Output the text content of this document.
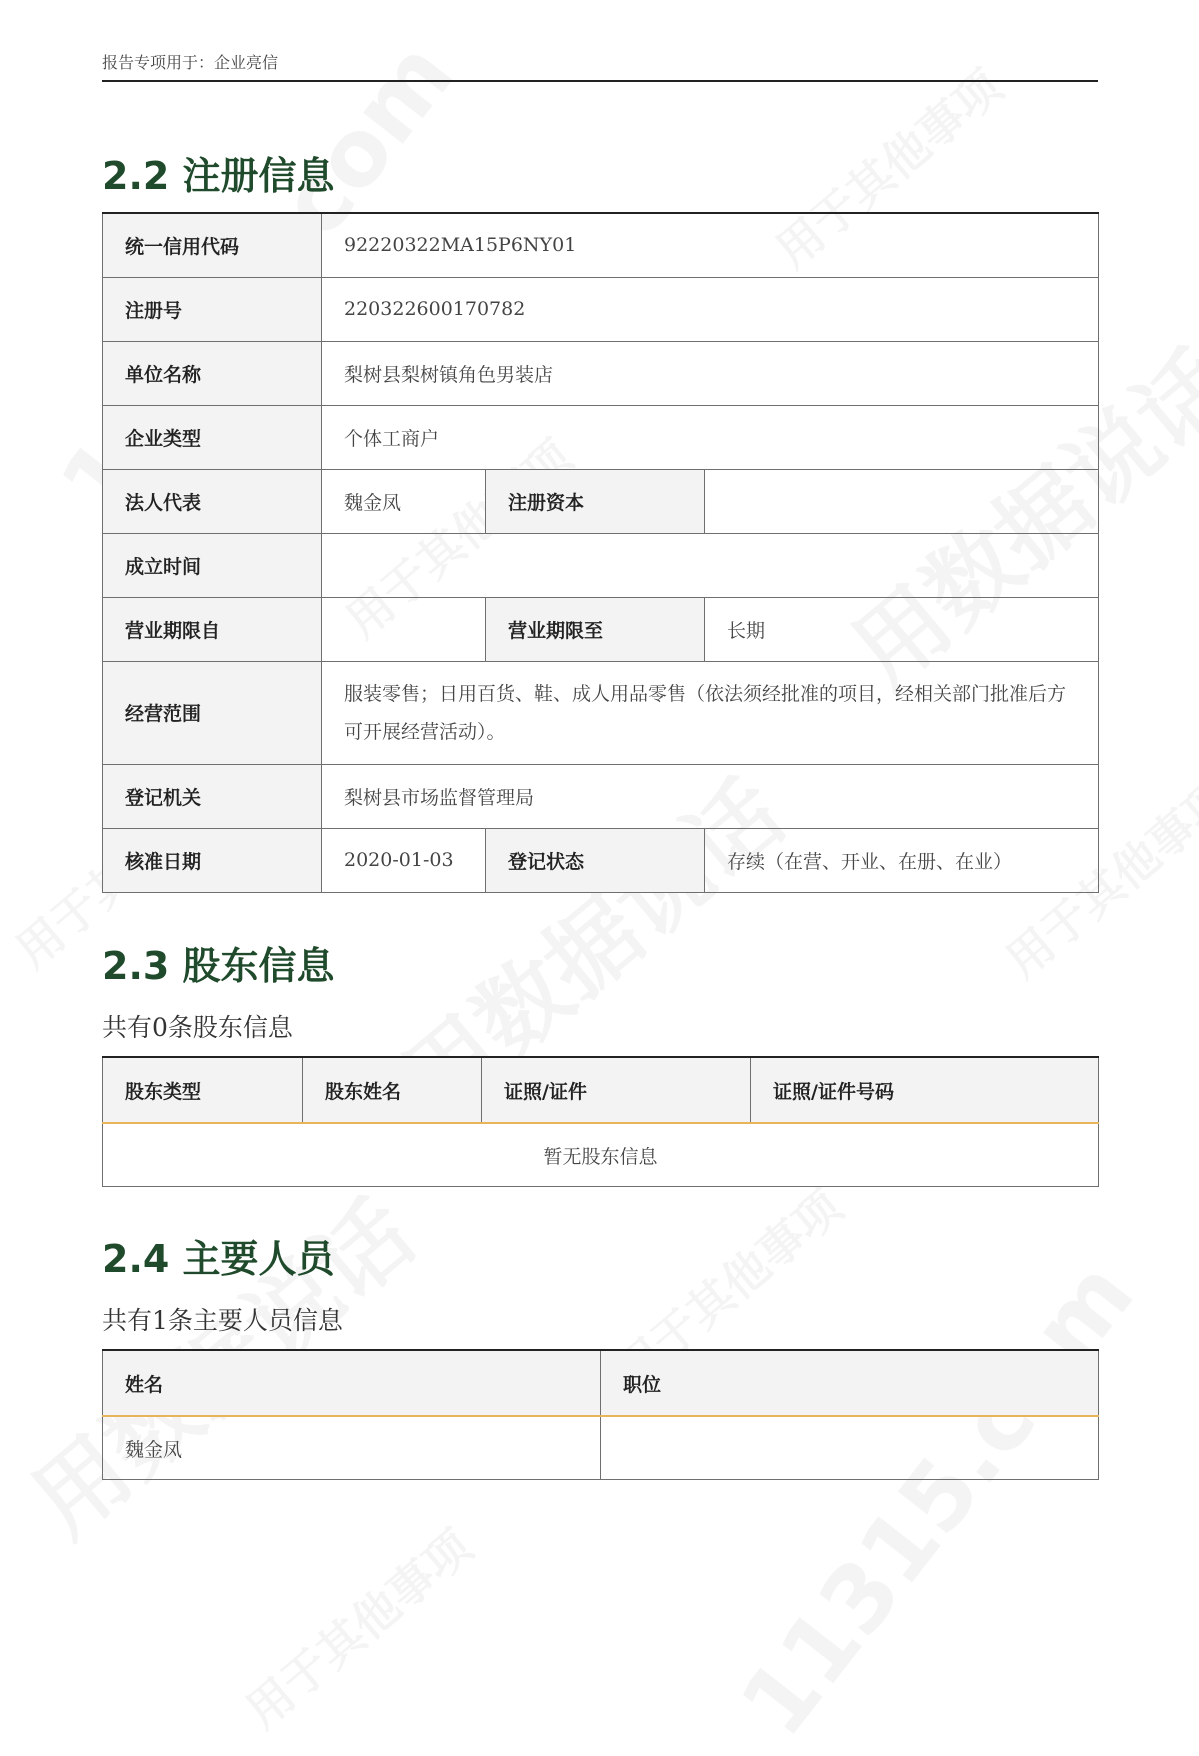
报告专项用于：企业亮信
2.2 注册信息
统一信用代码	92220322MA15P6NY01		
注册号	220322600170782		
单位名称	梨树县梨树镇角色男装店		
企业类型	个体工商户		
法人代表	魏金凤	注册资本	
成立时间			
营业期限自		营业期限至	长期
经营范围	服装零售；日用百货、鞋、成人用品零售（依法须经批准的项目，经相关部门批准后方可开展经营活动）。		
登记机关	梨树县市场监督管理局		
核准日期	2020-01-03	登记状态	存续（在营、开业、在册、在业）
2.3 股东信息
共有0条股东信息
股东类型	股东姓名	证照/证件	证照/证件号码
暂无股东信息
2.4 主要人员
共有1条主要人员信息
姓名	职位
魏金凤	
